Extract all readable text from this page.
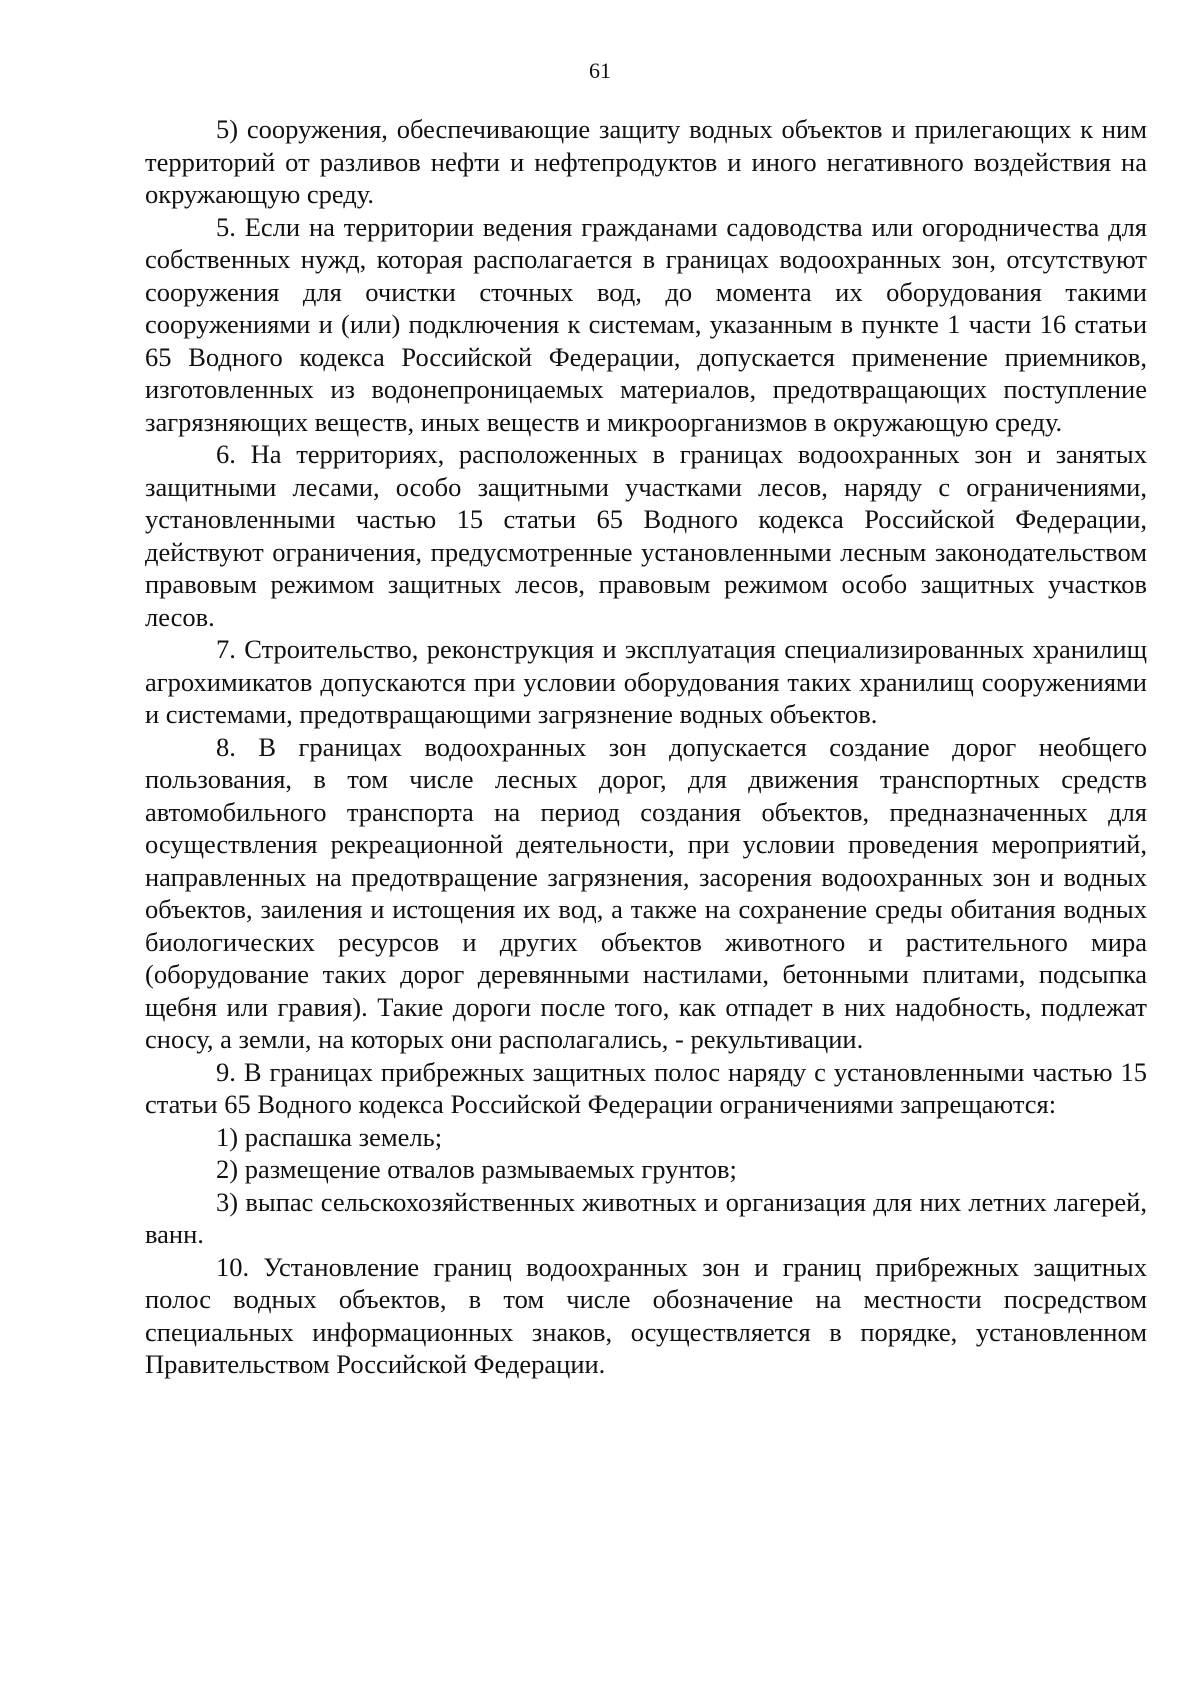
61

5) сооружения, обеспечивающие защиту водных объектов и прилегающих к ним территорий от разливов нефти и нефтепродуктов и иного негативного воздействия на окружающую среду.

5. Если на территории ведения гражданами садоводства или огородничества для собственных нужд, которая располагается в границах водоохранных зон, отсутствуют сооружения для очистки сточных вод, до момента их оборудования такими сооружениями и (или) подключения к системам, указанным в пункте 1 части 16 статьи 65 Водного кодекса Российской Федерации, допускается применение приемников, изготовленных из водонепроницаемых материалов, предотвращающих поступление загрязняющих веществ, иных веществ и микроорганизмов в окружающую среду.

6. На территориях, расположенных в границах водоохранных зон и занятых защитными лесами, особо защитными участками лесов, наряду с ограничениями, установленными частью 15 статьи 65 Водного кодекса Российской Федерации, действуют ограничения, предусмотренные установленными лесным законодательством правовым режимом защитных лесов, правовым режимом особо защитных участков лесов.

7. Строительство, реконструкция и эксплуатация специализированных хранилищ агрохимикатов допускаются при условии оборудования таких хранилищ сооружениями и системами, предотвращающими загрязнение водных объектов.

8. В границах водоохранных зон допускается создание дорог необщего пользования, в том числе лесных дорог, для движения транспортных средств автомобильного транспорта на период создания объектов, предназначенных для осуществления рекреационной деятельности, при условии проведения мероприятий, направленных на предотвращение загрязнения, засорения водоохранных зон и водных объектов, заиления и истощения их вод, а также на сохранение среды обитания водных биологических ресурсов и других объектов животного и растительного мира (оборудование таких дорог деревянными настилами, бетонными плитами, подсыпка щебня или гравия). Такие дороги после того, как отпадет в них надобность, подлежат сносу, а земли, на которых они располагались, - рекультивации.

9. В границах прибрежных защитных полос наряду с установленными частью 15 статьи 65 Водного кодекса Российской Федерации ограничениями запрещаются:

1) распашка земель;

2) размещение отвалов размываемых грунтов;

3) выпас сельскохозяйственных животных и организация для них летних лагерей, ванн.

10. Установление границ водоохранных зон и границ прибрежных защитных полос водных объектов, в том числе обозначение на местности посредством специальных информационных знаков, осуществляется в порядке, установленном Правительством Российской Федерации.
